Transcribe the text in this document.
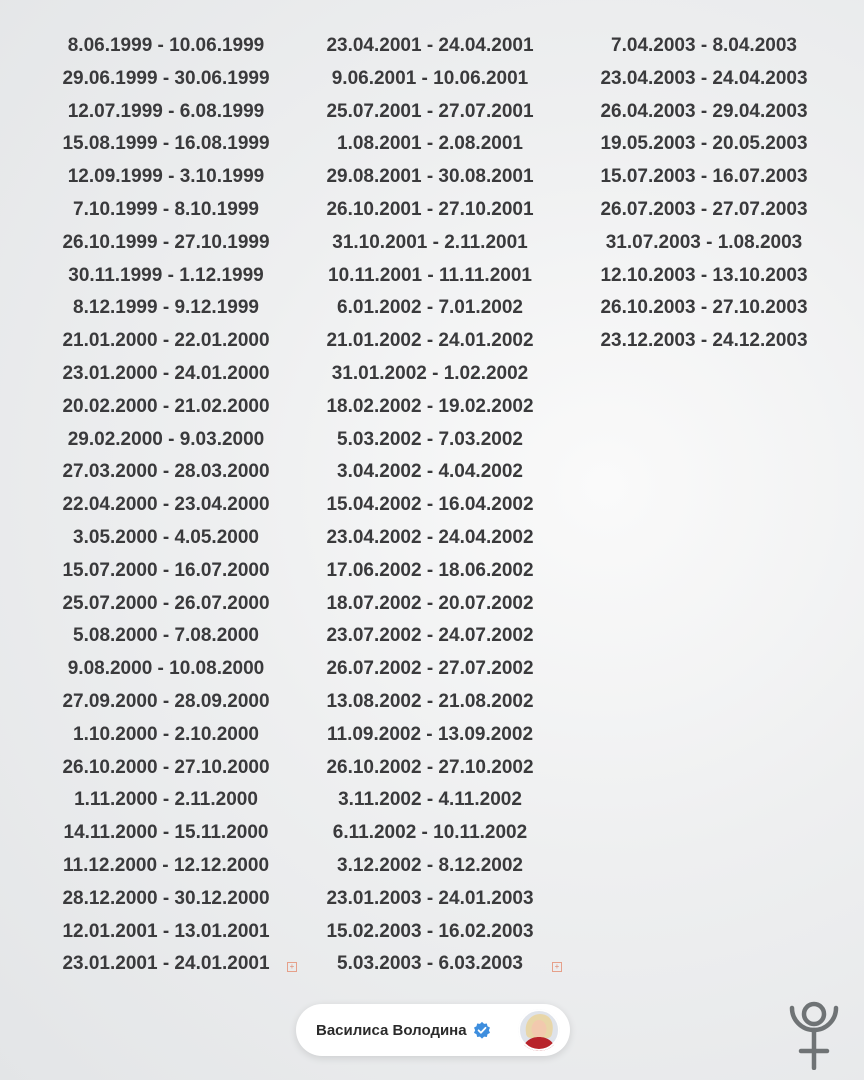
8.06.1999 - 10.06.1999
29.06.1999 - 30.06.1999
12.07.1999 - 6.08.1999
15.08.1999 - 16.08.1999
12.09.1999 - 3.10.1999
7.10.1999 - 8.10.1999
26.10.1999 - 27.10.1999
30.11.1999 - 1.12.1999
8.12.1999 - 9.12.1999
21.01.2000 - 22.01.2000
23.01.2000 - 24.01.2000
20.02.2000 - 21.02.2000
29.02.2000 - 9.03.2000
27.03.2000 - 28.03.2000
22.04.2000 - 23.04.2000
3.05.2000 - 4.05.2000
15.07.2000 - 16.07.2000
25.07.2000 - 26.07.2000
5.08.2000 - 7.08.2000
9.08.2000 - 10.08.2000
27.09.2000 - 28.09.2000
1.10.2000 - 2.10.2000
26.10.2000 - 27.10.2000
1.11.2000 - 2.11.2000
14.11.2000 - 15.11.2000
11.12.2000 - 12.12.2000
28.12.2000 - 30.12.2000
12.01.2001 - 13.01.2001
23.01.2001 - 24.01.2001
23.04.2001 - 24.04.2001
9.06.2001 - 10.06.2001
25.07.2001 - 27.07.2001
1.08.2001 - 2.08.2001
29.08.2001 - 30.08.2001
26.10.2001 - 27.10.2001
31.10.2001 - 2.11.2001
10.11.2001 - 11.11.2001
6.01.2002 - 7.01.2002
21.01.2002 - 24.01.2002
31.01.2002 - 1.02.2002
18.02.2002 - 19.02.2002
5.03.2002 - 7.03.2002
3.04.2002 - 4.04.2002
15.04.2002 - 16.04.2002
23.04.2002 - 24.04.2002
17.06.2002 - 18.06.2002
18.07.2002 - 20.07.2002
23.07.2002 - 24.07.2002
26.07.2002 - 27.07.2002
13.08.2002 - 21.08.2002
11.09.2002 - 13.09.2002
26.10.2002 - 27.10.2002
3.11.2002 - 4.11.2002
6.11.2002 - 10.11.2002
3.12.2002 - 8.12.2002
23.01.2003 - 24.01.2003
15.02.2003 - 16.02.2003
5.03.2003 - 6.03.2003
7.04.2003 - 8.04.2003
23.04.2003 - 24.04.2003
26.04.2003 - 29.04.2003
19.05.2003 - 20.05.2003
15.07.2003 - 16.07.2003
26.07.2003 - 27.07.2003
31.07.2003 - 1.08.2003
12.10.2003 - 13.10.2003
26.10.2003 - 27.10.2003
23.12.2003 - 24.12.2003
+	+
Василиса Володина
